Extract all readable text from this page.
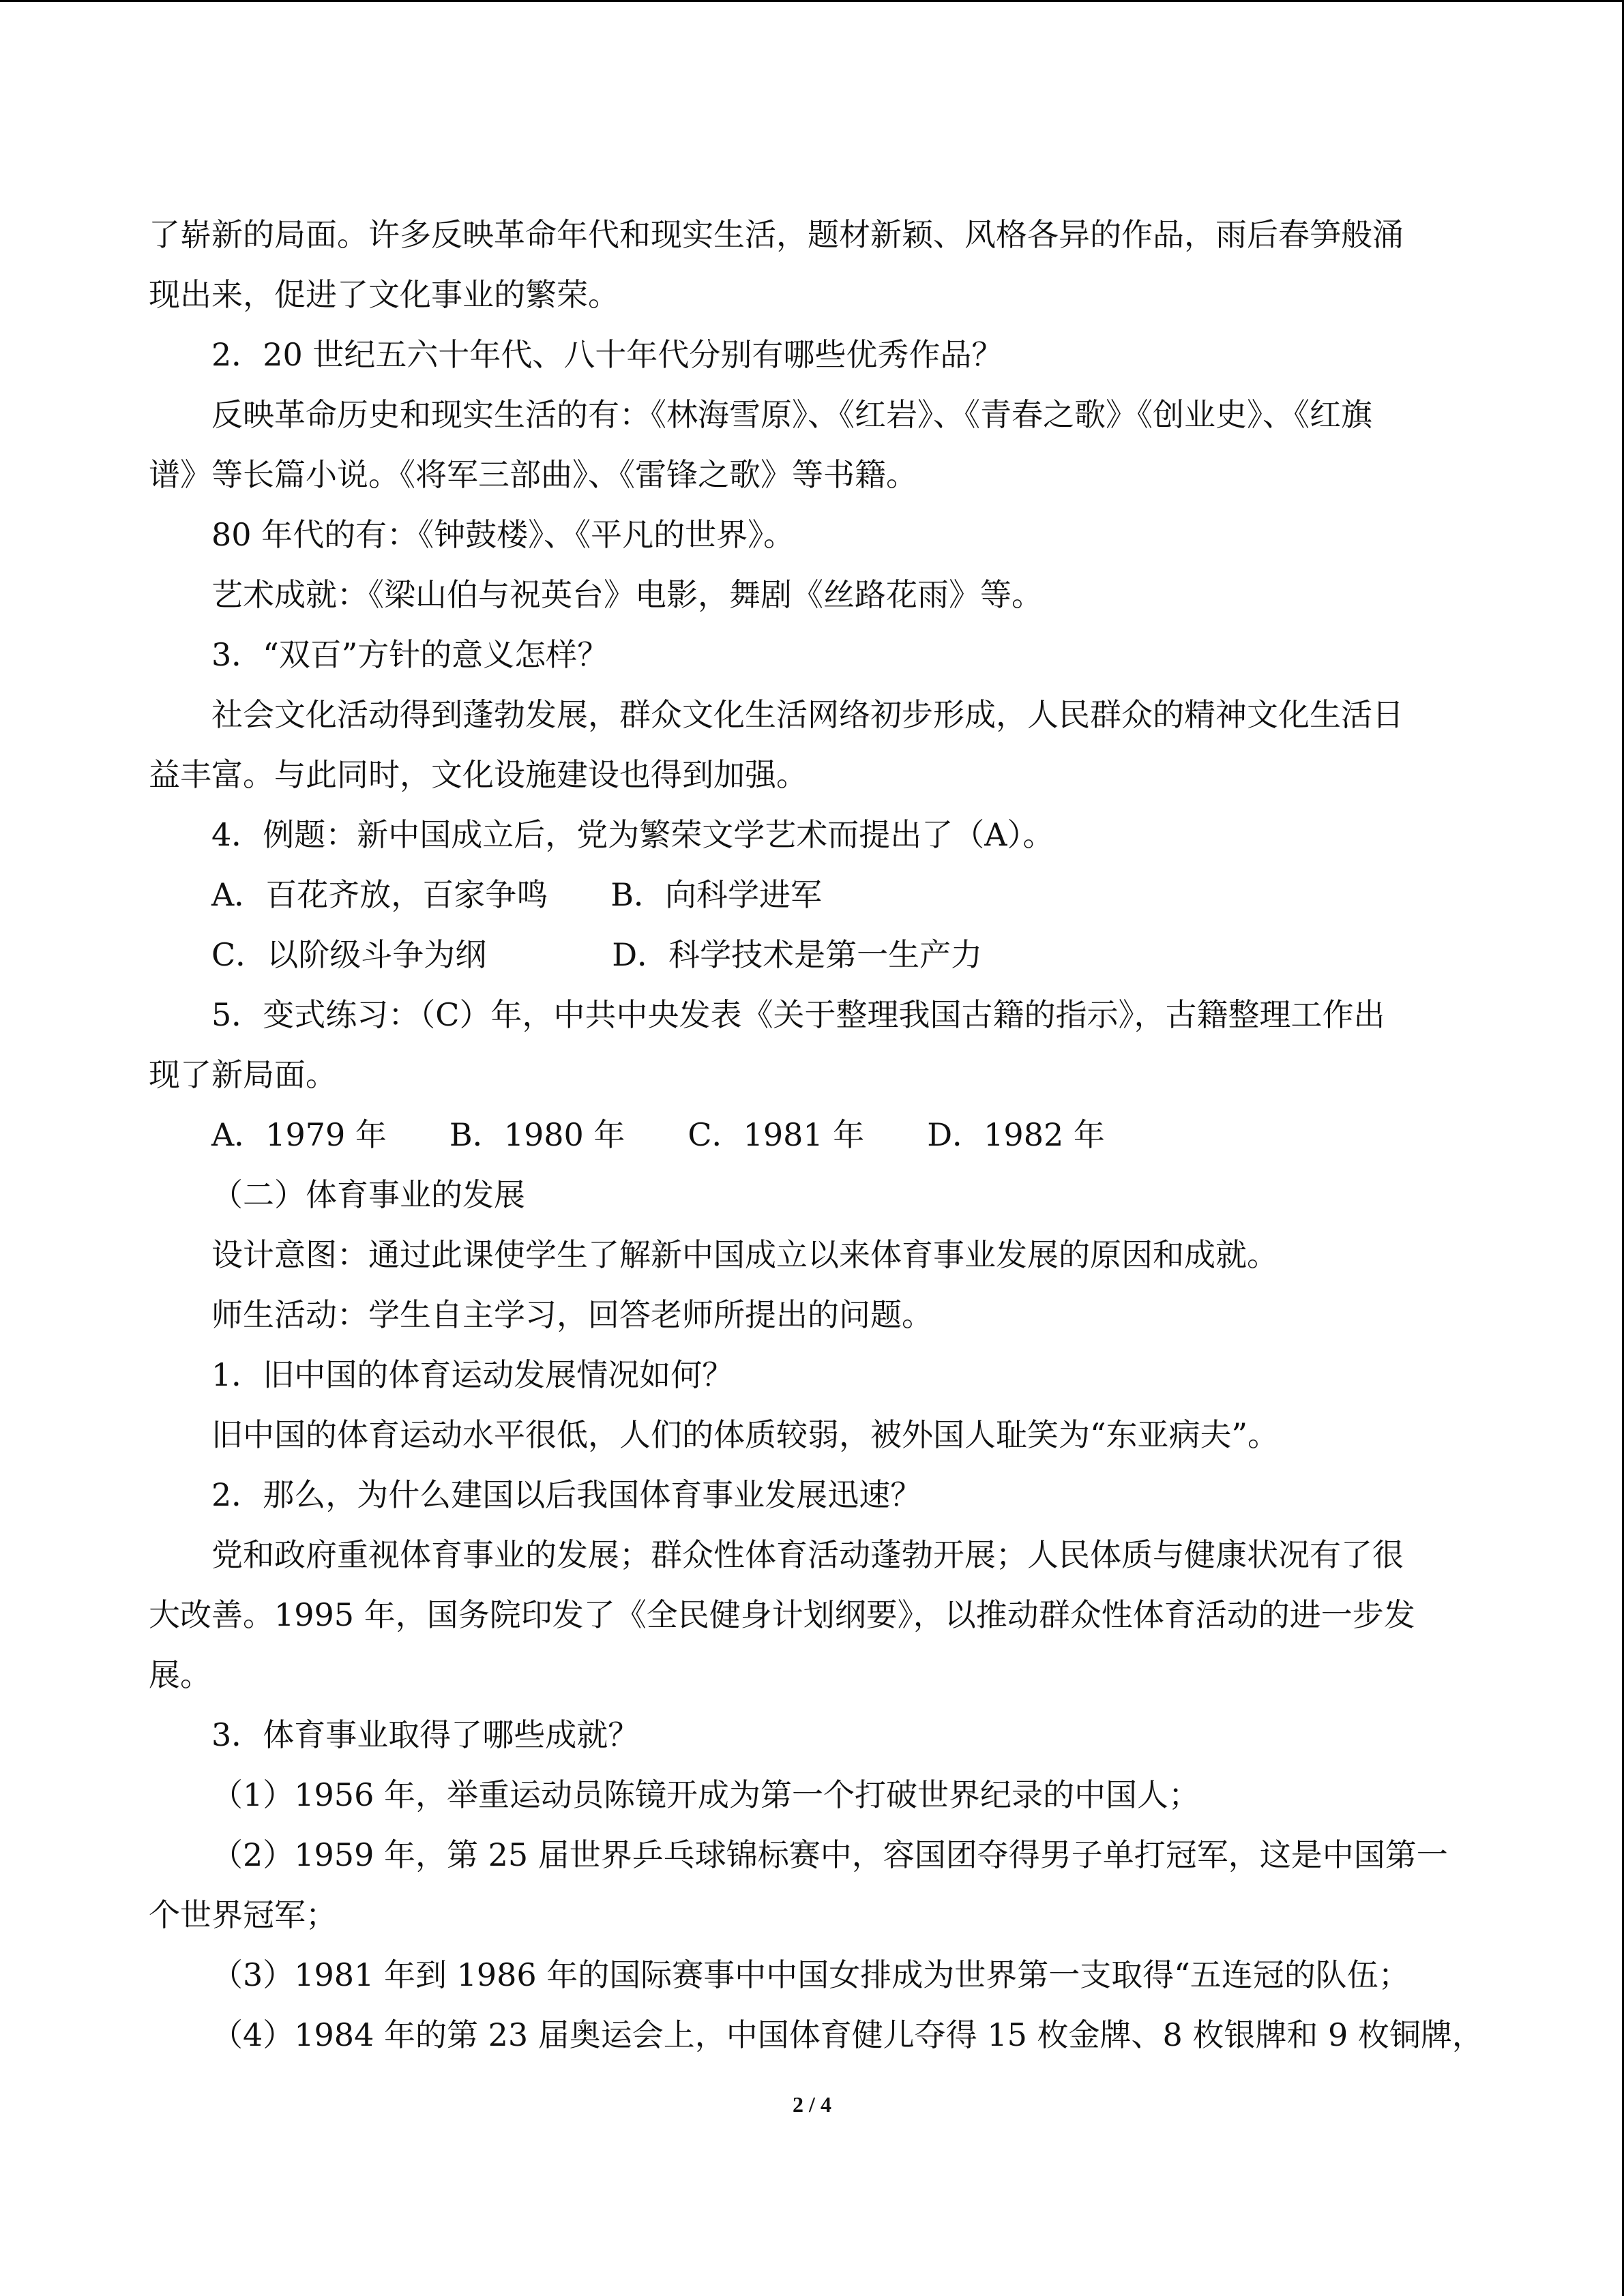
了崭新的局面。许多反映革命年代和现实生活，题材新颖、风格各异的作品，雨后春笋般涌
现出来，促进了文化事业的繁荣。
2．20 世纪五六十年代、八十年代分别有哪些优秀作品？
反映革命历史和现实生活的有：《林海雪原》、《红岩》、《青春之歌》《创业史》、《红旗
谱》等长篇小说。《将军三部曲》、《雷锋之歌》等书籍。
80 年代的有：《钟鼓楼》、《平凡的世界》。
艺术成就：《梁山伯与祝英台》电影，舞剧《丝路花雨》等。
3．“双百”方针的意义怎样？
社会文化活动得到蓬勃发展，群众文化生活网络初步形成，人民群众的精神文化生活日
益丰富。与此同时，文化设施建设也得到加强。
4．例题：新中国成立后，党为繁荣文学艺术而提出了（A）。
A．百花齐放，百家争鸣　　B．向科学进军
C．以阶级斗争为纲　　　　D．科学技术是第一生产力
5．变式练习：（C）年，中共中央发表《关于整理我国古籍的指示》，古籍整理工作出
现了新局面。
A．1979 年　　B．1980 年　　C．1981 年　　D．1982 年
（二）体育事业的发展
设计意图：通过此课使学生了解新中国成立以来体育事业发展的原因和成就。
师生活动：学生自主学习，回答老师所提出的问题。
1．旧中国的体育运动发展情况如何？
旧中国的体育运动水平很低，人们的体质较弱，被外国人耻笑为“东亚病夫”。
2．那么，为什么建国以后我国体育事业发展迅速？
党和政府重视体育事业的发展；群众性体育活动蓬勃开展；人民体质与健康状况有了很
大改善。1995 年，国务院印发了《全民健身计划纲要》，以推动群众性体育活动的进一步发
展。
3．体育事业取得了哪些成就？
（1）1956 年，举重运动员陈镜开成为第一个打破世界纪录的中国人；
（2）1959 年，第 25 届世界乒乓球锦标赛中，容国团夺得男子单打冠军，这是中国第一
个世界冠军；
（3）1981 年到 1986 年的国际赛事中中国女排成为世界第一支取得“五连冠的队伍；
（4）1984 年的第 23 届奥运会上，中国体育健儿夺得 15 枚金牌、8 枚银牌和 9 枚铜牌，
2 / 4
